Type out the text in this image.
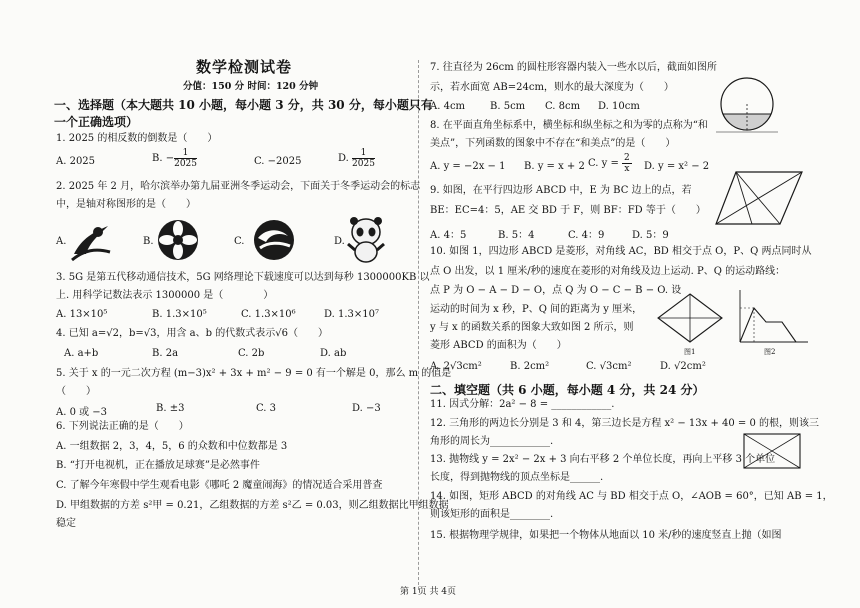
数学检测试卷
分值：150 分 时间：120 分钟
一、选择题（本大题共 10 小题，每小题 3 分，共 30 分，每小题只有
一个正确选项）
1. 2025 的相反数的倒数是（　　）
A. 2025	B. − $\frac{1}{2025}$	C. −2025	D. $\frac{1}{2025}$
2. 2025 年 2 月，哈尔滨举办第九届亚洲冬季运动会，下面关于冬季运动会的标志
中，是轴对称图形的是（　　）
A.	B.	C.	D.
3. 5G 是第五代移动通信技术，5G 网络理论下载速度可以达到每秒 1300000KB 以
上. 用科学记数法表示 1300000 是（　　　　）
A. 13×10⁵	B. 1.3×10⁵	C. 1.3×10⁶	D. 1.3×10⁷
4. 已知 a=√2，b=√3，用含 a、b 的代数式表示√6（　　）
A. a+b	B. 2a	C. 2b	D. ab
5. 关于 x 的一元二次方程 (m−3)x² + 3x + m² − 9 = 0 有一个解是 0，那么 m 的值是
（　　）
A. 0 或 −3	B. ±3	C. 3	D. −3
6. 下列说法正确的是（　　）
A. 一组数据 2，3，4，5，6 的众数和中位数都是 3
B. “打开电视机，正在播放足球赛”是必然事件
C. 了解今年寒假中学生观看电影《哪吒 2 魔童闹海》的情况适合采用普查
D. 甲组数据的方差 s²甲 = 0.21，乙组数据的方差 s²乙 = 0.03，则乙组数据比甲组数据
稳定
7. 往直径为 26cm 的圆柱形容器内装入一些水以后，截面如图所
示，若水面宽 AB=24cm，则水的最大深度为（　　）
A. 4cm B. 5cm C. 8cm D. 10cm
8. 在平面直角坐标系中，横坐标和纵坐标之和为零的点称为“和
美点”，下列函数的图象中不存在“和美点”的是（　　）
A. y = −2x − 1 B. y = x + 2 C. $y = \frac{2}{x} D$. y = x² − 2
9. 如图，在平行四边形 ABCD 中，E 为 BC 边上的点，若
BE：EC=4：5，AE 交 BD 于 F，则 BF：FD 等于（　　）
A. 4：5	B. 5：4	C. 4：9	D. 5：9
10. 如图 1，四边形 ABCD 是菱形，对角线 AC，BD 相交于点 O，P、Q 两点同时从
点 O 出发，以 1 厘米/秒的速度在菱形的对角线及边上运动. P、Q 的运动路线：
点 P 为 O − A − D − O，点 Q 为 O − C − B − O. 设
运动的时间为 x 秒，P、Q 间的距离为 y 厘米，
y 与 x 的函数关系的图象大致如图 2 所示，则
菱形 ABCD 的面积为（　　）
图1	图2
A. 2√3cm²	B. 2cm²	C. √3cm²	D. √2cm²
二、填空题（共 6 小题，每小题 4 分，共 24 分）
11. 因式分解：2a² − 8 = ____________.
12. 三角形的两边长分别是 3 和 4，第三边长是方程 x² − 13x + 40 = 0 的根，则该三
角形的周长为____________.
13. 抛物线 y = 2x² − 2x + 3 向右平移 2 个单位长度，再向上平移 3 个单位
长度，得到抛物线的顶点坐标是______.
14. 如图，矩形 ABCD 的对角线 AC 与 BD 相交于点 O，∠AOB = 60°，已知 AB = 1，
则该矩形的面积是________.
15. 根据物理学规律，如果把一个物体从地面以 10 米/秒的速度竖直上抛（如图
第 1页 共 4页
